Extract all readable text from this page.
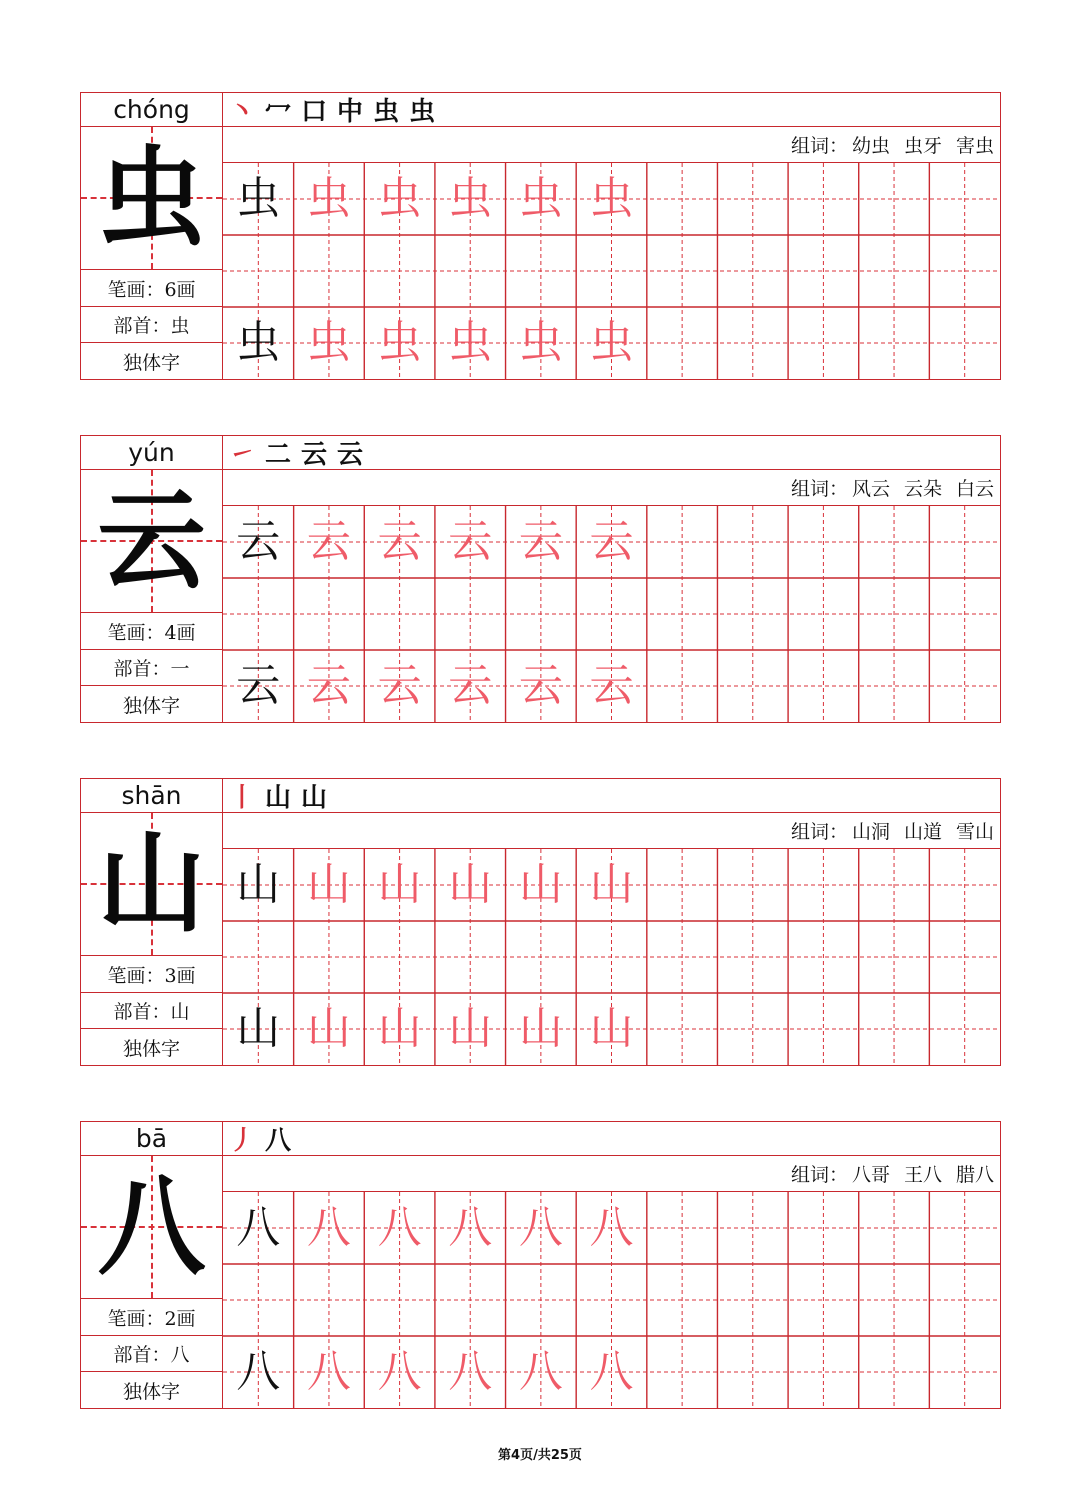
chóng
虫
笔画：6画
部首：虫
独体字
丶 冖 口 中 虫 虫
组词： 幼虫 虫牙 害虫
虫 虫 虫 虫 虫 虫
虫 虫 虫 虫 虫 虫
yún
云
笔画：4画
部首：一
独体字
㇀ 二 云 云
组词： 风云 云朵 白云
云 云 云 云 云 云
云 云 云 云 云 云
shān
山
笔画：3画
部首：山
独体字
丨 山 山
组词： 山洞 山道 雪山
山 山 山 山 山 山
山 山 山 山 山 山
bā
八
笔画：2画
部首：八
独体字
丿 八
组词： 八哥 王八 腊八
八 八 八 八 八 八
八 八 八 八 八 八
第4页/共25页
